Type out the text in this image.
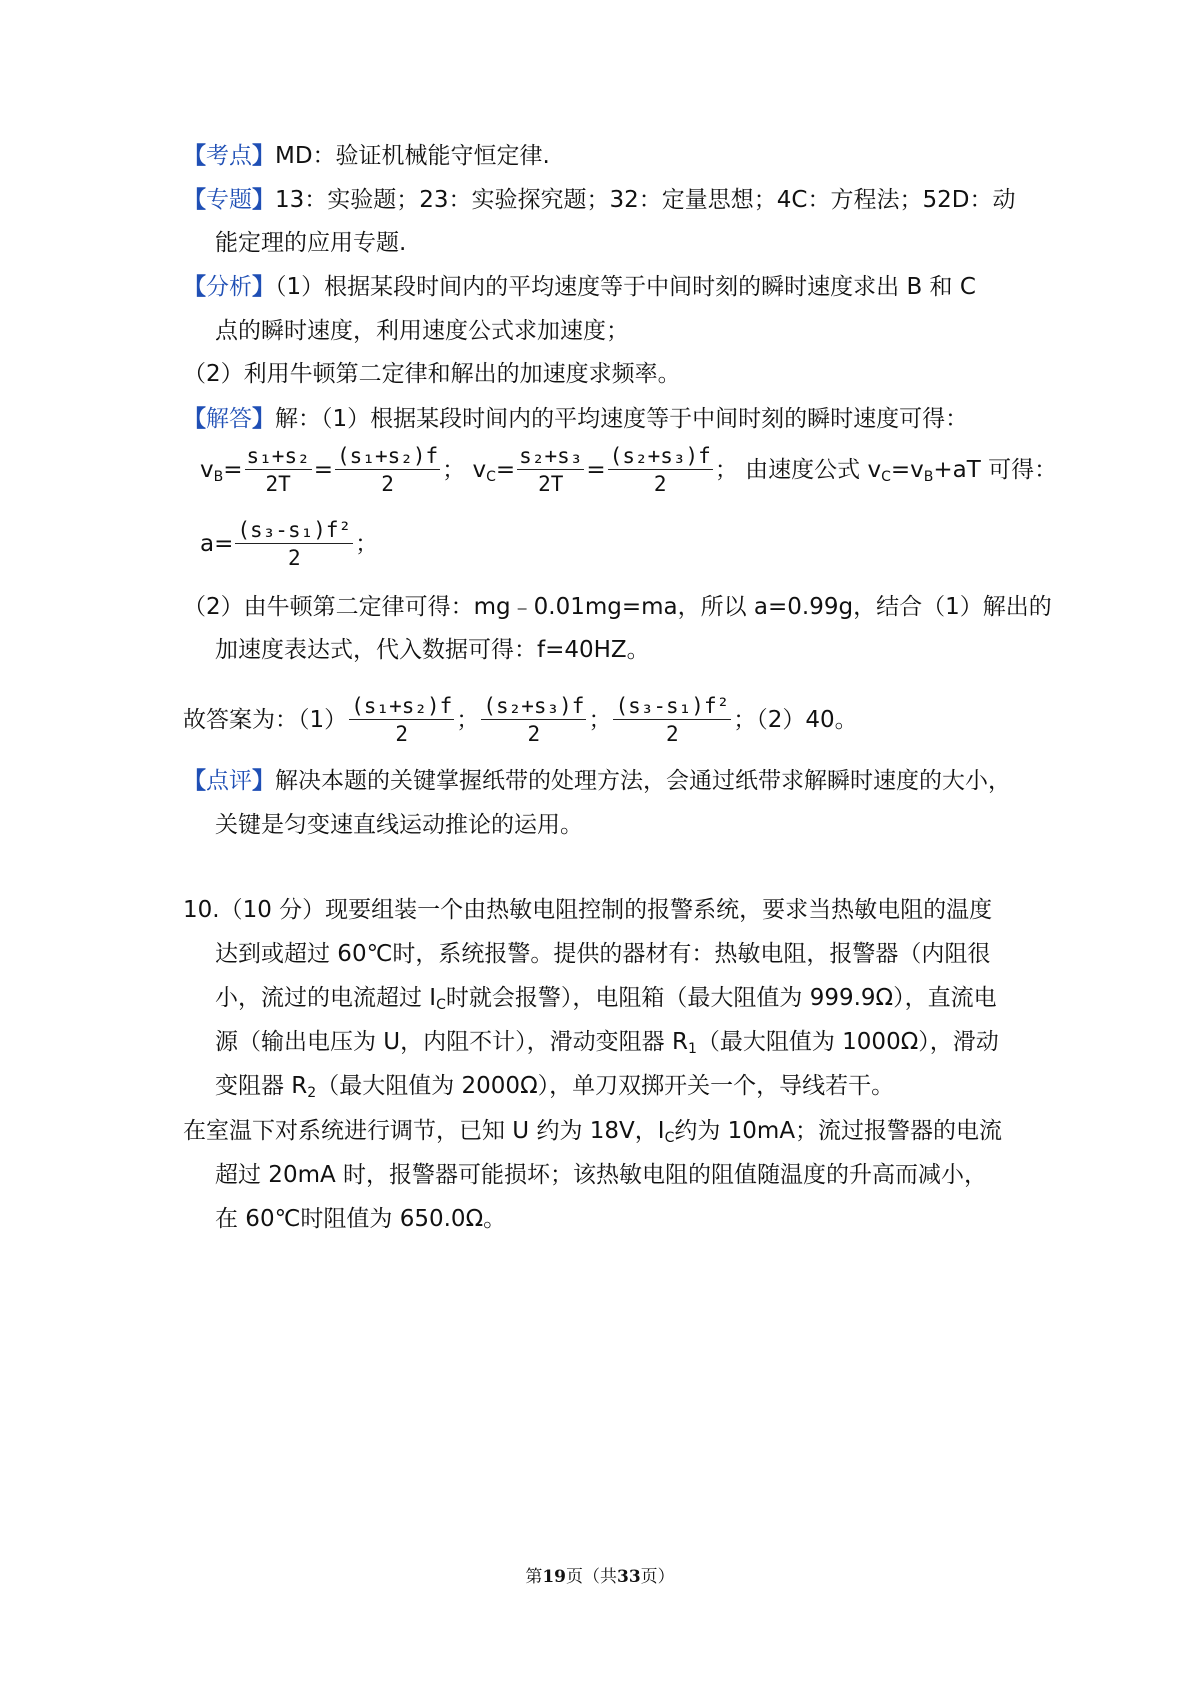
【考点】MD：验证机械能守恒定律.
【专题】13：实验题；23：实验探究题；32：定量思想；4C：方程法；52D：动
能定理的应用专题.
【分析】（1）根据某段时间内的平均速度等于中间时刻的瞬时速度求出 B 和 C
点的瞬时速度，利用速度公式求加速度；
（2）利用牛顿第二定律和解出的加速度求频率。
【解答】解：（1）根据某段时间内的平均速度等于中间时刻的瞬时速度可得：
$v_B= \frac{\text{s₁+s₂}}{2T} = \frac{\text{(s₁+s₂)f}}{2}$ ； $v_C= \frac{\text{s₂+s₃}}{2T} = \frac{\text{(s₂+s₃)f}}{2}$ ； 由速度公式 $v_C=v_B+aT$ 可得：
$a= \frac{\text{(s₃-s₁)f²}}{2}$ ；
（2）由牛顿第二定律可得：mg﹣0.01mg=ma，所以 a=0.99g，结合（1）解出的
加速度表达式，代入数据可得：f=40HZ。
故答案为：$(1) \frac{\text{(s₁+s₂)f}}{2}$ ； $\frac{\text{(s₂+s₃)f}}{2}$ ； $\frac{\text{(s₃-s₁)f²}}{2}$ ；（2）40。
【点评】解决本题的关键掌握纸带的处理方法，会通过纸带求解瞬时速度的大小，
关键是匀变速直线运动推论的运用。
10.（10 分）现要组装一个由热敏电阻控制的报警系统，要求当热敏电阻的温度
达到或超过 60℃时，系统报警。提供的器材有：热敏电阻，报警器（内阻很
小，流过的电流超过 $I_C$时就会报警），电阻箱（最大阻值为 999.9Ω），直流电
源（输出电压为 U，内阻不计），滑动变阻器 $R_1$（最大阻值为 1000Ω），滑动
变阻器 $R_2$（最大阻值为 2000Ω），单刀双掷开关一个，导线若干。
在室温下对系统进行调节，已知 U 约为 18V，$I_C$约为 10mA；流过报警器的电流
超过 20mA 时，报警器可能损坏；该热敏电阻的阻值随温度的升高而减小，
在 60℃时阻值为 650.0Ω。
第19页（共33页）
